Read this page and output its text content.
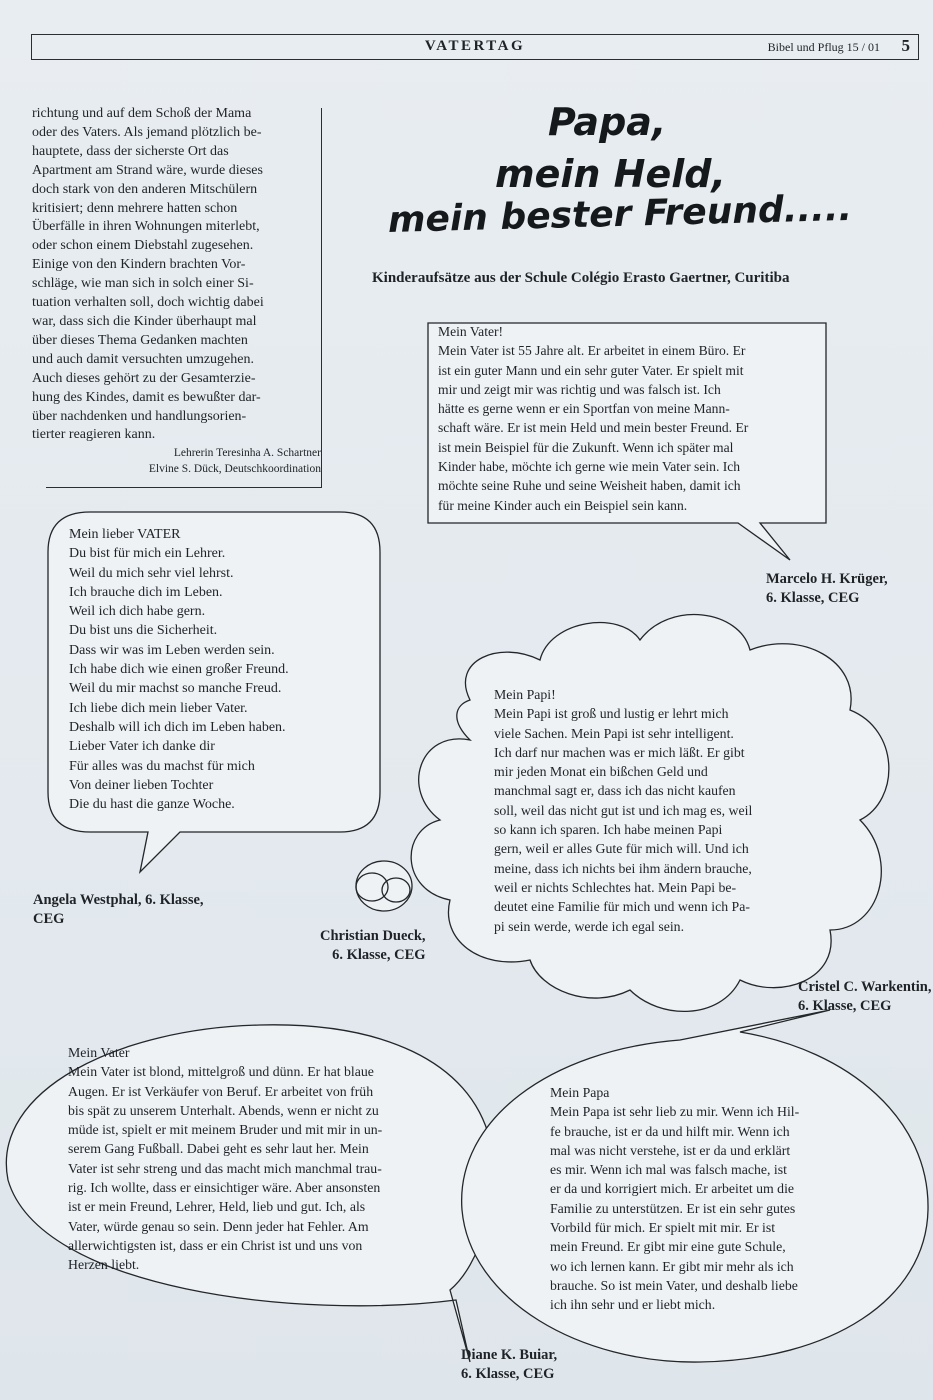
VATERTAG	Bibel und Pflug 15 / 01 5
richtung und auf dem Schoß der Mama
oder des Vaters. Als jemand plötzlich be-
hauptete, dass der sicherste Ort das
Apartment am Strand wäre, wurde dieses
doch stark von den anderen Mitschülern
kritisiert; denn mehrere hatten schon
Überfälle in ihren Wohnungen miterlebt,
oder schon einem Diebstahl zugesehen.
Einige von den Kindern brachten Vor-
schläge, wie man sich in solch einer Si-
tuation verhalten soll, doch wichtig dabei
war, dass sich die Kinder überhaupt mal
über dieses Thema Gedanken machten
und auch damit versuchten umzugehen.
Auch dieses gehört zu der Gesamterzie-
hung des Kindes, damit es bewußter dar-
über nachdenken und handlungsorien-
tierter reagieren kann.
Lehrerin Teresinha A. Schartner
Elvine S. Dück, Deutschkoordination
Papa,
mein Held,
mein bester Freund.....
Kinderaufsätze aus der Schule Colégio Erasto Gaertner, Curitiba
Mein Vater!
Mein Vater ist 55 Jahre alt. Er arbeitet in einem Büro. Er
ist ein guter Mann und ein sehr guter Vater. Er spielt mit
mir und zeigt mir was richtig und was falsch ist. Ich
hätte es gerne wenn er ein Sportfan von meine Mann-
schaft wäre. Er ist mein Held und mein bester Freund. Er
ist mein Beispiel für die Zukunft. Wenn ich später mal
Kinder habe, möchte ich gerne wie mein Vater sein. Ich
möchte seine Ruhe und seine Weisheit haben, damit ich
für meine Kinder auch ein Beispiel sein kann.
Marcelo H. Krüger,
6. Klasse, CEG
Mein lieber VATER
Du bist für mich ein Lehrer.
Weil du mich sehr viel lehrst.
Ich brauche dich im Leben.
Weil ich dich habe gern.
Du bist uns die Sicherheit.
Dass wir was im Leben werden sein.
Ich habe dich wie einen großer Freund.
Weil du mir machst so manche Freud.
Ich liebe dich mein lieber Vater.
Deshalb will ich dich im Leben haben.
Lieber Vater ich danke dir
Für alles was du machst für mich
Von deiner lieben Tochter
Die du hast die ganze Woche.
Angela Westphal, 6. Klasse,
CEG
Mein Papi!
Mein Papi ist groß und lustig er lehrt mich
viele Sachen. Mein Papi ist sehr intelligent.
Ich darf nur machen was er mich läßt. Er gibt
mir jeden Monat ein bißchen Geld und
manchmal sagt er, dass ich das nicht kaufen
soll, weil das nicht gut ist und ich mag es, weil
so kann ich sparen. Ich habe meinen Papi
gern, weil er alles Gute für mich will. Und ich
meine, dass ich nichts bei ihm ändern brauche,
weil er nichts Schlechtes hat. Mein Papi be-
deutet eine Familie für mich und wenn ich Pa-
pi sein werde, werde ich egal sein.
Christian Dueck,
6. Klasse, CEG
Cristel C. Warkentin,
6. Klasse, CEG
Mein Vater
Mein Vater ist blond, mittelgroß und dünn. Er hat blaue
Augen. Er ist Verkäufer von Beruf. Er arbeitet von früh
bis spät zu unserem Unterhalt. Abends, wenn er nicht zu
müde ist, spielt er mit meinem Bruder und mit mir in un-
serem Gang Fußball. Dabei geht es sehr laut her. Mein
Vater ist sehr streng und das macht mich manchmal trau-
rig. Ich wollte, dass er einsichtiger wäre. Aber ansonsten
ist er mein Freund, Lehrer, Held, lieb und gut. Ich, als
Vater, würde genau so sein. Denn jeder hat Fehler. Am
allerwichtigsten ist, dass er ein Christ ist und uns von
Herzen liebt.
Diane K. Buiar,
6. Klasse, CEG
Mein Papa
Mein Papa ist sehr lieb zu mir. Wenn ich Hil-
fe brauche, ist er da und hilft mir. Wenn ich
mal was nicht verstehe, ist er da und erklärt
es mir. Wenn ich mal was falsch mache, ist
er da und korrigiert mich. Er arbeitet um die
Familie zu unterstützen. Er ist ein sehr gutes
Vorbild für mich. Er spielt mit mir. Er ist
mein Freund. Er gibt mir eine gute Schule,
wo ich lernen kann. Er gibt mir mehr als ich
brauche. So ist mein Vater, und deshalb liebe
ich ihn sehr und er liebt mich.
